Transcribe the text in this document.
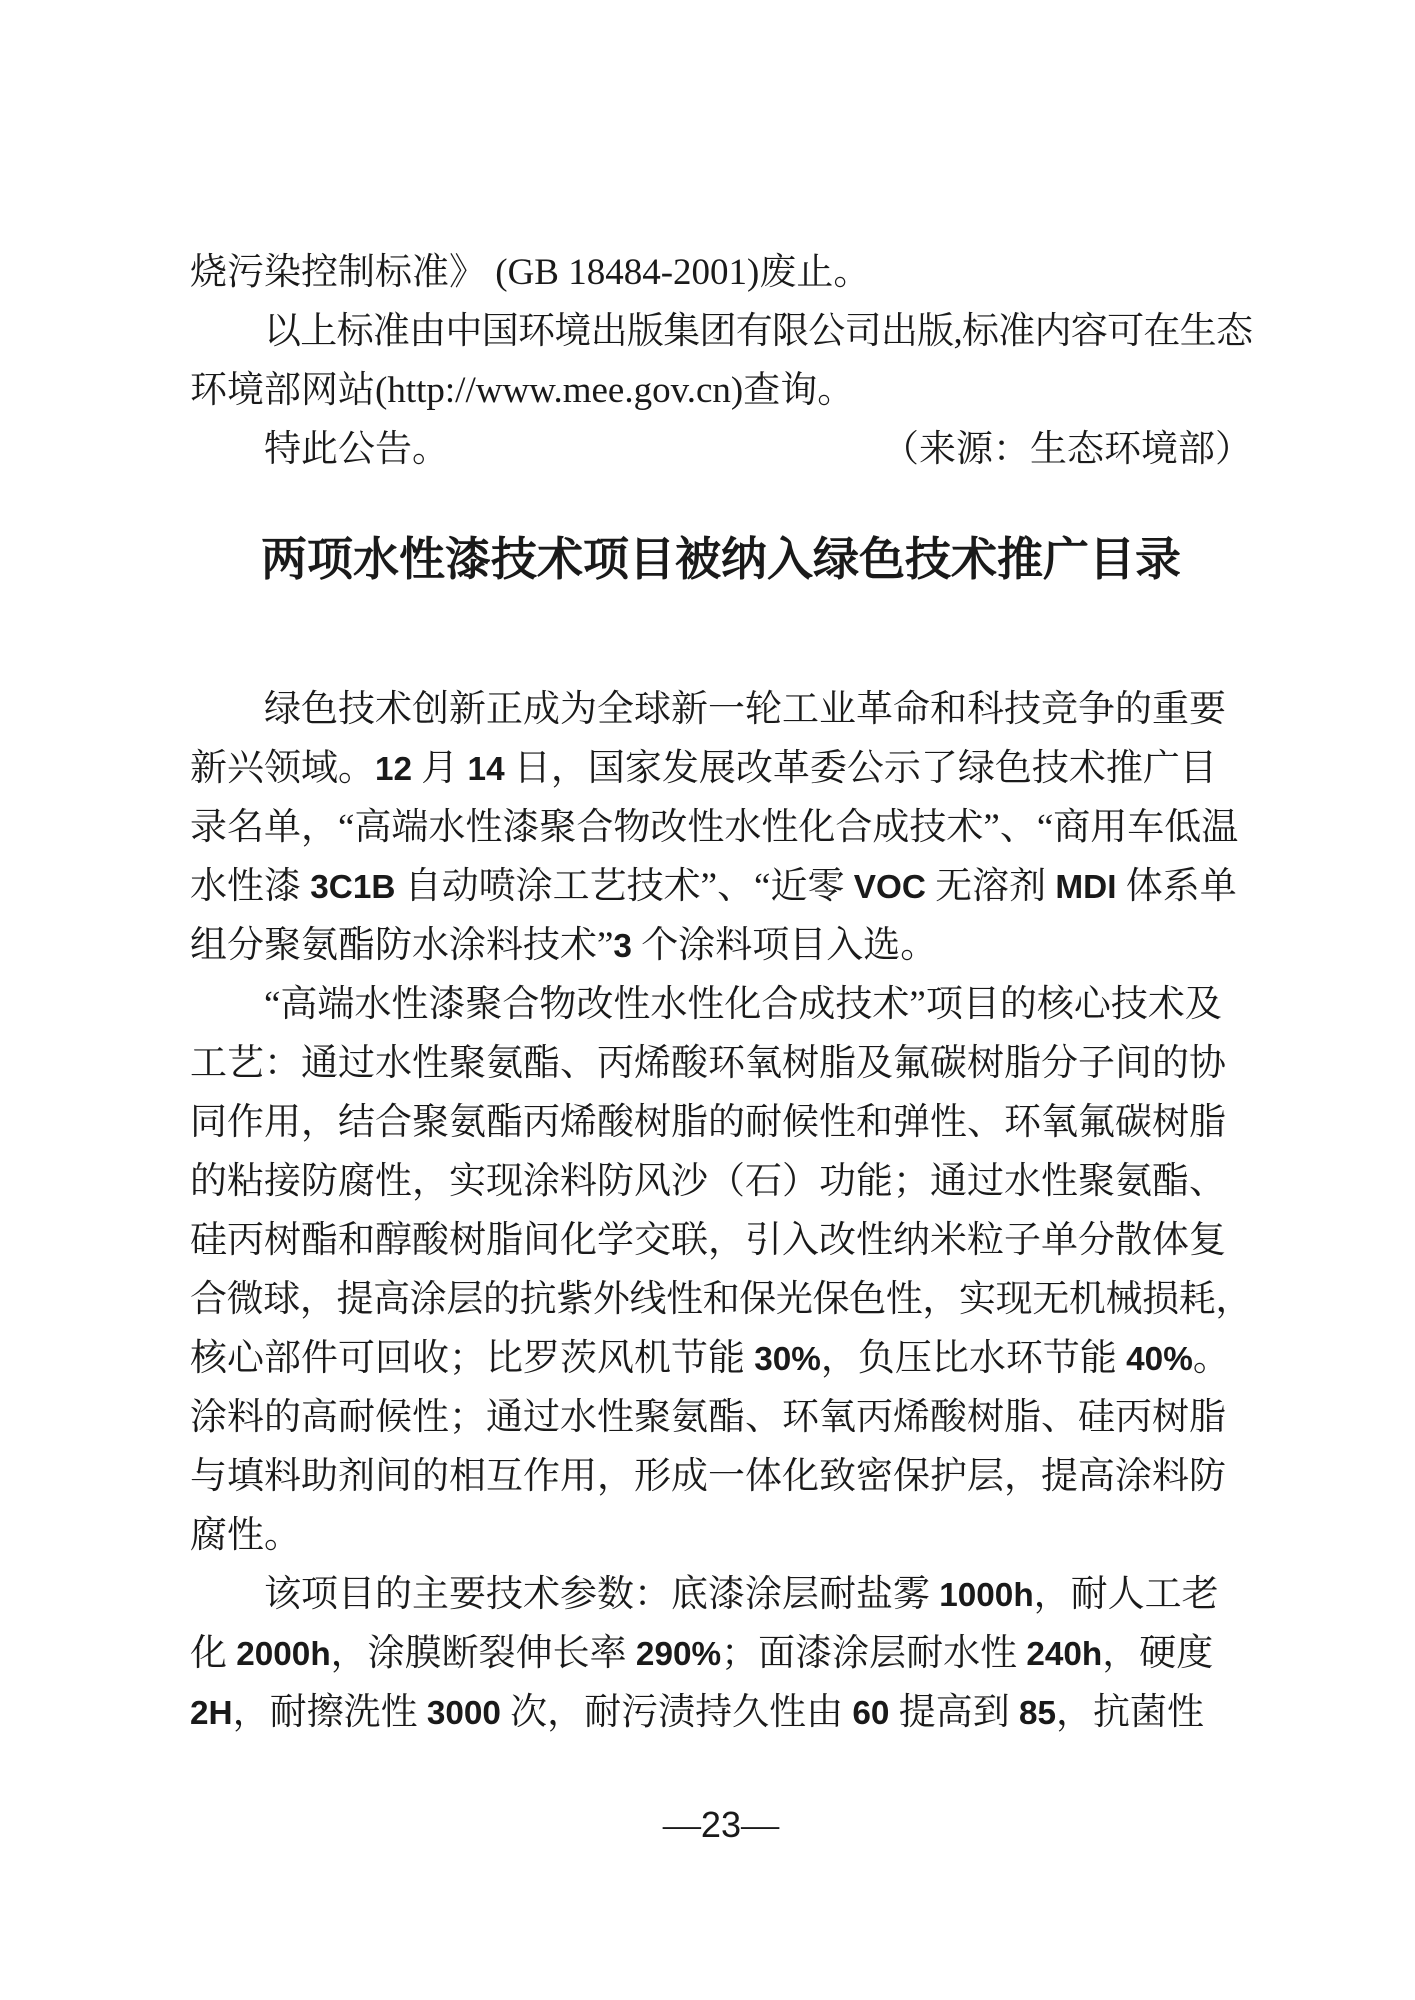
烧污染控制标准》 (GB 18484-2001)废止。
以上标准由中国环境出版集团有限公司出版,标准内容可在生态
环境部网站(http://www.mee.gov.cn)查询。
特此公告。	（来源：生态环境部）
两项水性漆技术项目被纳入绿色技术推广目录
绿色技术创新正成为全球新一轮工业革命和科技竞争的重要
新兴领域。12 月 14 日，国家发展改革委公示了绿色技术推广目
录名单，“高端水性漆聚合物改性水性化合成技术”、“商用车低温
水性漆 3C1B 自动喷涂工艺技术”、“近零 VOC 无溶剂 MDI 体系单
组分聚氨酯防水涂料技术”3 个涂料项目入选。
“高端水性漆聚合物改性水性化合成技术”项目的核心技术及
工艺：通过水性聚氨酯、丙烯酸环氧树脂及氟碳树脂分子间的协
同作用，结合聚氨酯丙烯酸树脂的耐候性和弹性、环氧氟碳树脂
的粘接防腐性，实现涂料防风沙（石）功能；通过水性聚氨酯、
硅丙树酯和醇酸树脂间化学交联，引入改性纳米粒子单分散体复
合微球，提高涂层的抗紫外线性和保光保色性，实现无机械损耗，
核心部件可回收；比罗茨风机节能 30%，负压比水环节能 40%。
涂料的高耐候性；通过水性聚氨酯、环氧丙烯酸树脂、硅丙树脂
与填料助剂间的相互作用，形成一体化致密保护层，提高涂料防
腐性。
该项目的主要技术参数：底漆涂层耐盐雾 1000h，耐人工老
化 2000h，涂膜断裂伸长率 290%；面漆涂层耐水性 240h，硬度
2H，耐擦洗性 3000 次，耐污渍持久性由 60 提高到 85，抗菌性
—23—
